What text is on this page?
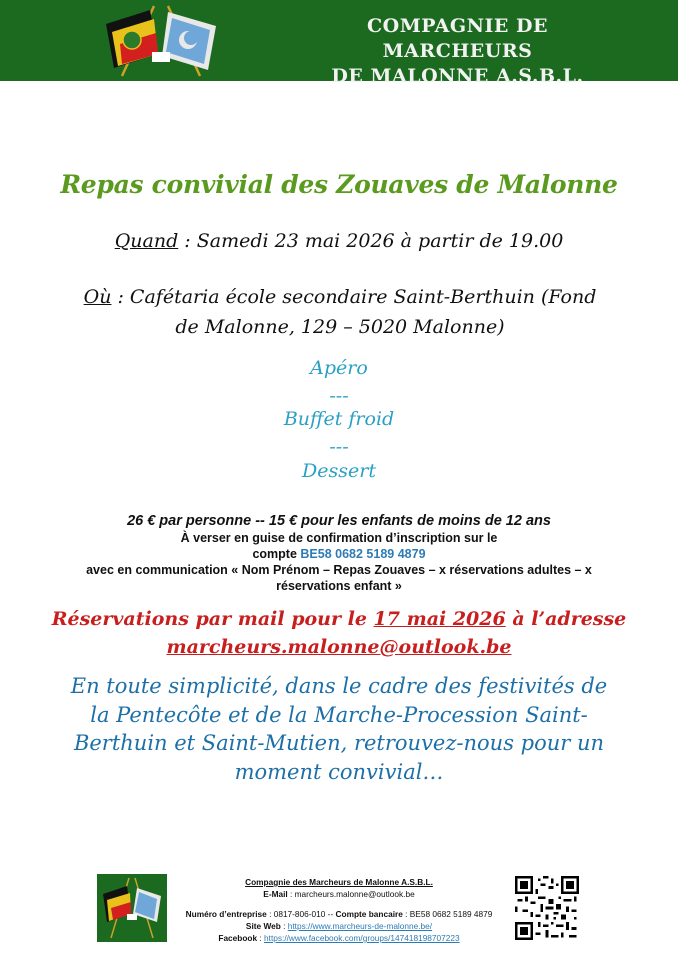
COMPAGNIE DE MARCHEURS
DE MALONNE A.S.B.L.
Repas convivial des Zouaves de Malonne
Quand : Samedi 23 mai 2026 à partir de 19.00
Où : Cafétaria école secondaire Saint-Berthuin (Fond de Malonne, 129 – 5020 Malonne)
Apéro
---
Buffet froid
---
Dessert
26 € par personne -- 15 € pour les enfants de moins de 12 ans
À verser en guise de confirmation d’inscription sur le
compte BE58 0682 5189 4879
avec en communication « Nom Prénom – Repas Zouaves – x réservations adultes – x réservations enfant »
Réservations par mail pour le 17 mai 2026 à l’adresse
marcheurs.malonne@outlook.be
En toute simplicité, dans le cadre des festivités de la Pentecôte et de la Marche-Procession Saint-Berthuin et Saint-Mutien, retrouvez-nous pour un moment convivial…
Compagnie des Marcheurs de Malonne A.S.B.L.
E-Mail : marcheurs.malonne@outlook.be
Numéro d’entreprise : 0817-806-010 -- Compte bancaire : BE58 0682 5189 4879
Site Web : https://www.marcheurs-de-malonne.be/
Facebook : https://www.facebook.com/groups/147418198707223
